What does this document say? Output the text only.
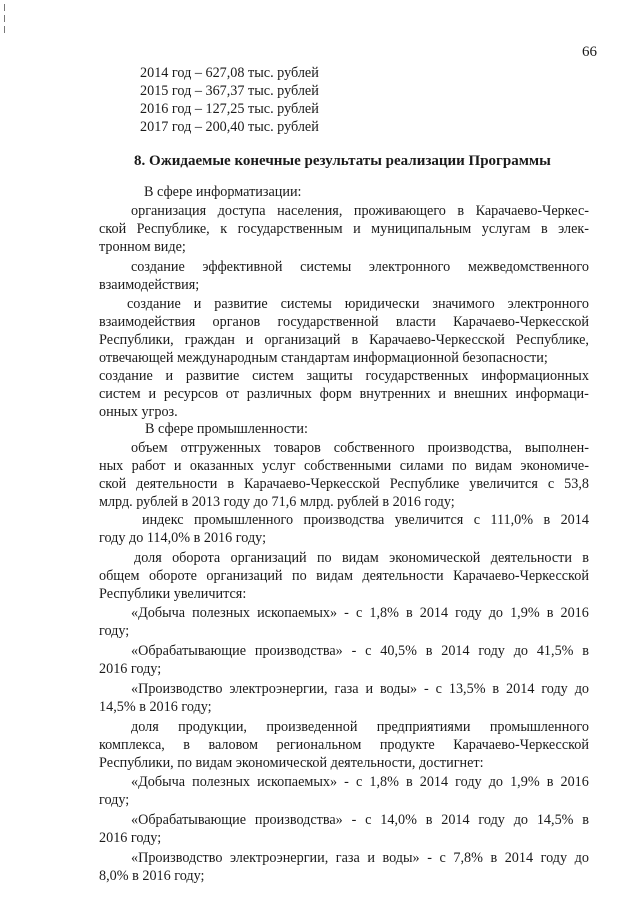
66
2014 год – 627,08 тыс. рублей
2015 год – 367,37 тыс. рублей
2016 год – 127,25 тыс. рублей
2017 год – 200,40 тыс. рублей
8. Ожидаемые конечные результаты реализации Программы
В сфере информатизации:
организация доступа населения, проживающего в Карачаево-Черкес-
ской Республике, к государственным и муниципальным услугам в элек-
тронном виде;
создание эффективной системы электронного межведомственного
взаимодействия;
создание и развитие системы юридически значимого электронного
взаимодействия органов государственной власти Карачаево-Черкесской
Республики, граждан и организаций в Карачаево-Черкесской Республике,
отвечающей международным стандартам информационной безопасности;
создание и развитие систем защиты государственных информационных
систем и ресурсов от различных форм внутренних и внешних информаци-
онных угроз.
В сфере промышленности:
объем отгруженных товаров собственного производства, выполнен-
ных работ и оказанных услуг собственными силами по видам экономиче-
ской деятельности в Карачаево-Черкесской Республике увеличится с 53,8
млрд. рублей в 2013 году до 71,6 млрд. рублей в 2016 году;
индекс промышленного производства увеличится с 111,0% в 2014
году до 114,0% в 2016 году;
доля оборота организаций по видам экономической деятельности в
общем обороте организаций по видам деятельности Карачаево-Черкесской
Республики увеличится:
«Добыча полезных ископаемых» - с 1,8% в 2014 году до 1,9% в 2016
году;
«Обрабатывающие производства» - с 40,5% в 2014 году до 41,5% в
2016 году;
«Производство электроэнергии, газа и воды» - с 13,5% в 2014 году до
14,5% в 2016 году;
доля продукции, произведенной предприятиями промышленного
комплекса, в валовом региональном продукте Карачаево-Черкесской
Республики, по видам экономической деятельности, достигнет:
«Добыча полезных ископаемых» - с 1,8% в 2014 году до 1,9% в 2016
году;
«Обрабатывающие производства» - с 14,0% в 2014 году до 14,5% в
2016 году;
«Производство электроэнергии, газа и воды» - с 7,8% в 2014 году до
8,0% в 2016 году;
